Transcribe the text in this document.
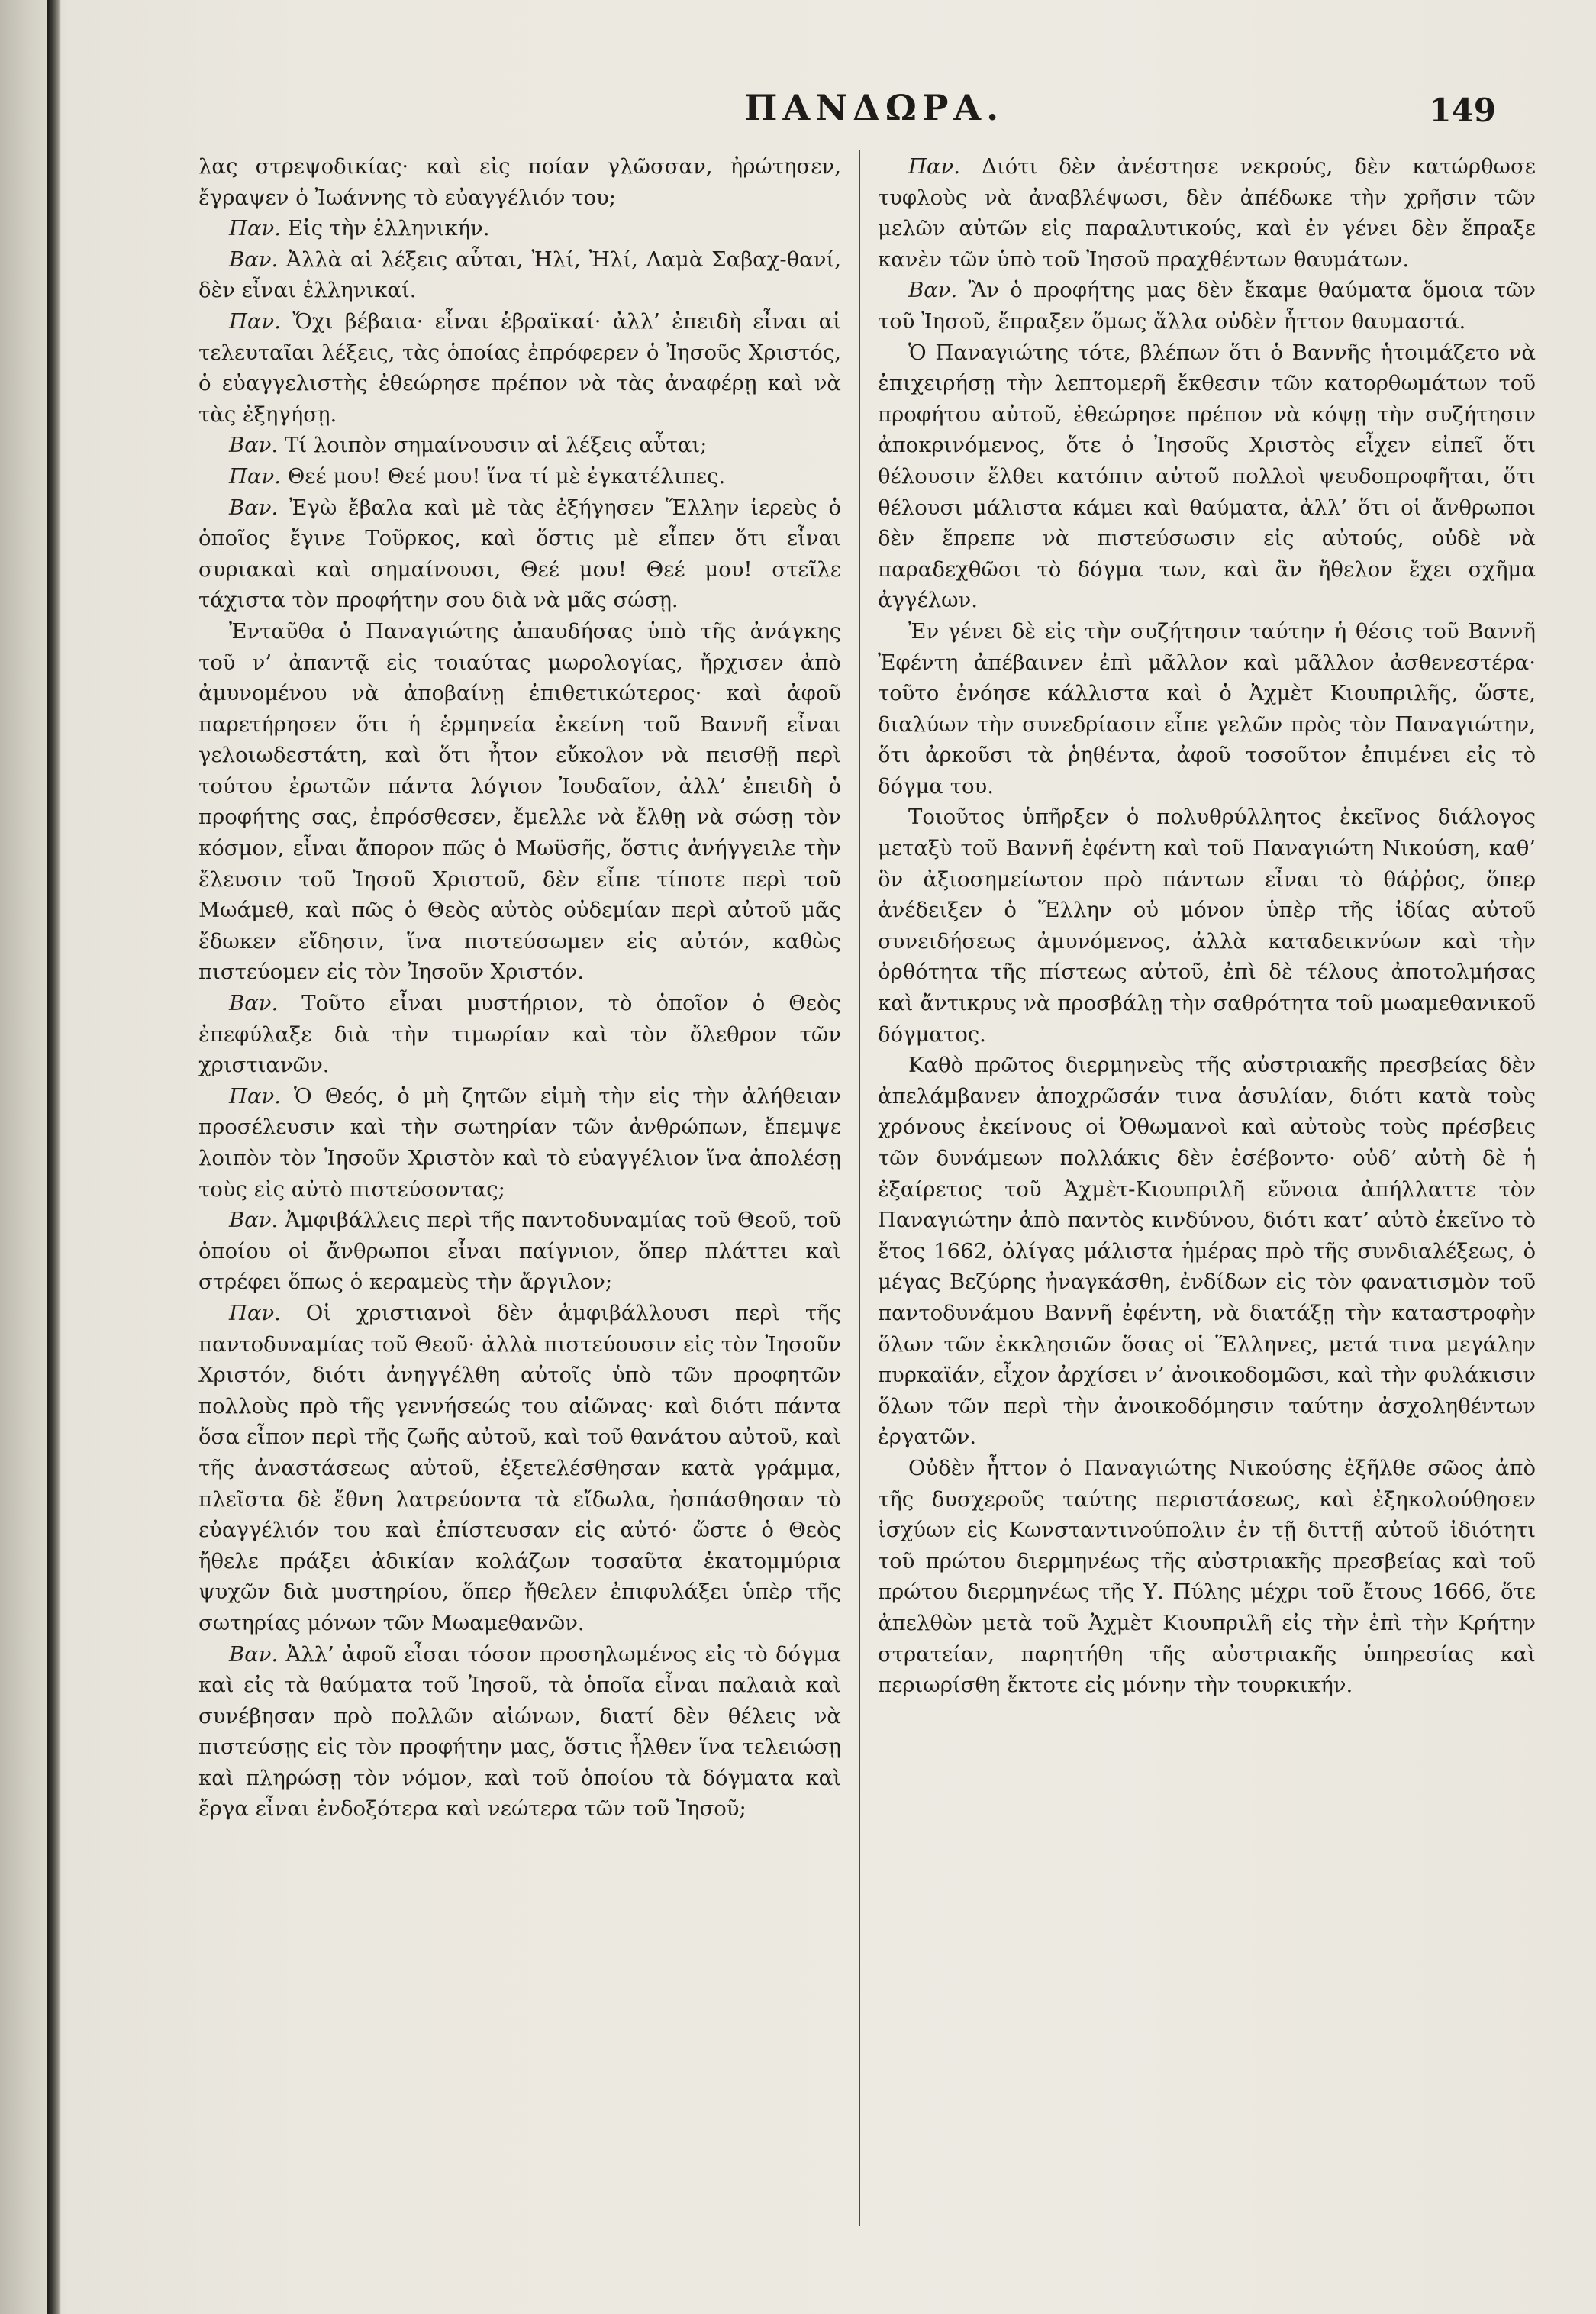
ΠΑΝΔΩΡΑ.	149

λας στρεψοδικίας· καὶ εἰς ποίαν γλῶσσαν, ἠρώτησεν, ἔγραψεν ὁ Ἰωάννης τὸ εὐαγγέλιόν του;

Παν. Εἰς τὴν ἑλληνικήν.

Βαν. Ἀλλὰ αἱ λέξεις αὗται, Ἠλί, Ἠλί, Λαμὰ Σαβαχ-θανί, δὲν εἶναι ἑλληνικαί.

Παν. Ὄχι βέβαια· εἶναι ἑβραϊκαί· ἀλλ’ ἐπειδὴ εἶναι αἱ τελευταῖαι λέξεις, τὰς ὁποίας ἐπρόφερεν ὁ Ἰησοῦς Χριστός, ὁ εὐαγγελιστὴς ἐθεώρησε πρέπον νὰ τὰς ἀναφέρῃ καὶ νὰ τὰς ἐξηγήσῃ.

Βαν. Τί λοιπὸν σημαίνουσιν αἱ λέξεις αὗται;

Παν. Θεέ μου! Θεέ μου! ἵνα τί μὲ ἐγκατέλιπες.

Βαν. Ἐγὼ ἔβαλα καὶ μὲ τὰς ἐξήγησεν Ἕλλην ἱερεὺς ὁ ὁποῖος ἔγινε Τοῦρκος, καὶ ὅστις μὲ εἶπεν ὅτι εἶναι συριακαὶ καὶ σημαίνουσι, Θεέ μου! Θεέ μου! στεῖλε τάχιστα τὸν προφήτην σου διὰ νὰ μᾶς σώσῃ.

Ἐνταῦθα ὁ Παναγιώτης ἀπαυδήσας ὑπὸ τῆς ἀνάγκης τοῦ ν’ ἀπαντᾷ εἰς τοιαύτας μωρολογίας, ἤρχισεν ἀπὸ ἀμυνομένου νὰ ἀποβαίνῃ ἐπιθετικώτερος· καὶ ἀφοῦ παρετήρησεν ὅτι ἡ ἑρμηνεία ἐκείνη τοῦ Βαννῆ εἶναι γελοιωδεστάτη, καὶ ὅτι ἦτον εὔκολον νὰ πεισθῇ περὶ τούτου ἐρωτῶν πάντα λόγιον Ἰουδαῖον, ἀλλ’ ἐπειδὴ ὁ προφήτης σας, ἐπρόσθεσεν, ἔμελλε νὰ ἔλθῃ νὰ σώσῃ τὸν κόσμον, εἶναι ἄπορον πῶς ὁ Μωϋσῆς, ὅστις ἀνήγγειλε τὴν ἔλευσιν τοῦ Ἰησοῦ Χριστοῦ, δὲν εἶπε τίποτε περὶ τοῦ Μωάμεθ, καὶ πῶς ὁ Θεὸς αὐτὸς οὐδεμίαν περὶ αὐτοῦ μᾶς ἔδωκεν εἴδησιν, ἵνα πιστεύσωμεν εἰς αὐτόν, καθὼς πιστεύομεν εἰς τὸν Ἰησοῦν Χριστόν.

Βαν. Τοῦτο εἶναι μυστήριον, τὸ ὁποῖον ὁ Θεὸς ἐπεφύλαξε διὰ τὴν τιμωρίαν καὶ τὸν ὄλεθρον τῶν χριστιανῶν.

Παν. Ὁ Θεός, ὁ μὴ ζητῶν εἰμὴ τὴν εἰς τὴν ἀλήθειαν προσέλευσιν καὶ τὴν σωτηρίαν τῶν ἀνθρώπων, ἔπεμψε λοιπὸν τὸν Ἰησοῦν Χριστὸν καὶ τὸ εὐαγγέλιον ἵνα ἀπολέσῃ τοὺς εἰς αὐτὸ πιστεύσοντας;

Βαν. Ἀμφιβάλλεις περὶ τῆς παντοδυναμίας τοῦ Θεοῦ, τοῦ ὁποίου οἱ ἄνθρωποι εἶναι παίγνιον, ὅπερ πλάττει καὶ στρέφει ὅπως ὁ κεραμεὺς τὴν ἄργιλον;

Παν. Οἱ χριστιανοὶ δὲν ἀμφιβάλλουσι περὶ τῆς παντοδυναμίας τοῦ Θεοῦ· ἀλλὰ πιστεύουσιν εἰς τὸν Ἰησοῦν Χριστόν, διότι ἀνηγγέλθη αὐτοῖς ὑπὸ τῶν προφητῶν πολλοὺς πρὸ τῆς γεννήσεώς του αἰῶνας· καὶ διότι πάντα ὅσα εἶπον περὶ τῆς ζωῆς αὐτοῦ, καὶ τοῦ θανάτου αὐτοῦ, καὶ τῆς ἀναστάσεως αὐτοῦ, ἐξετελέσθησαν κατὰ γράμμα, πλεῖστα δὲ ἔθνη λατρεύοντα τὰ εἴδωλα, ἠσπάσθησαν τὸ εὐαγγέλιόν του καὶ ἐπίστευσαν εἰς αὐτό· ὥστε ὁ Θεὸς ἤθελε πράξει ἀδικίαν κολάζων τοσαῦτα ἑκατομμύρια ψυχῶν διὰ μυστηρίου, ὅπερ ἤθελεν ἐπιφυλάξει ὑπὲρ τῆς σωτηρίας μόνων τῶν Μωαμεθανῶν.

Βαν. Ἀλλ’ ἀφοῦ εἶσαι τόσον προσηλωμένος εἰς τὸ δόγμα καὶ εἰς τὰ θαύματα τοῦ Ἰησοῦ, τὰ ὁποῖα εἶναι παλαιὰ καὶ συνέβησαν πρὸ πολλῶν αἰώνων, διατί δὲν θέλεις νὰ πιστεύσῃς εἰς τὸν προφήτην μας, ὅστις ἦλθεν ἵνα τελειώσῃ καὶ πληρώσῃ τὸν νόμον, καὶ τοῦ ὁποίου τὰ δόγματα καὶ ἔργα εἶναι ἐνδοξότερα καὶ νεώτερα τῶν τοῦ Ἰησοῦ;

Παν. Διότι δὲν ἀνέστησε νεκρούς, δὲν κατώρθωσε τυφλοὺς νὰ ἀναβλέψωσι, δὲν ἀπέδωκε τὴν χρῆσιν τῶν μελῶν αὐτῶν εἰς παραλυτικούς, καὶ ἐν γένει δὲν ἔπραξε κανὲν τῶν ὑπὸ τοῦ Ἰησοῦ πραχθέντων θαυμάτων.

Βαν. Ἂν ὁ προφήτης μας δὲν ἔκαμε θαύματα ὅμοια τῶν τοῦ Ἰησοῦ, ἔπραξεν ὅμως ἄλλα οὐδὲν ἧττον θαυμαστά.

Ὁ Παναγιώτης τότε, βλέπων ὅτι ὁ Βαννῆς ἡτοιμάζετο νὰ ἐπιχειρήσῃ τὴν λεπτομερῆ ἔκθεσιν τῶν κατορθωμάτων τοῦ προφήτου αὐτοῦ, ἐθεώρησε πρέπον νὰ κόψῃ τὴν συζήτησιν ἀποκρινόμενος, ὅτε ὁ Ἰησοῦς Χριστὸς εἶχεν εἰπεῖ ὅτι θέλουσιν ἔλθει κατόπιν αὐτοῦ πολλοὶ ψευδοπροφῆται, ὅτι θέλουσι μάλιστα κάμει καὶ θαύματα, ἀλλ’ ὅτι οἱ ἄνθρωποι δὲν ἔπρεπε νὰ πιστεύσωσιν εἰς αὐτούς, οὐδὲ νὰ παραδεχθῶσι τὸ δόγμα των, καὶ ἂν ἤθελον ἔχει σχῆμα ἀγγέλων.

Ἐν γένει δὲ εἰς τὴν συζήτησιν ταύτην ἡ θέσις τοῦ Βαννῆ Ἐφέντη ἀπέβαινεν ἐπὶ μᾶλλον καὶ μᾶλλον ἀσθενεστέρα· τοῦτο ἐνόησε κάλλιστα καὶ ὁ Ἀχμὲτ Κιουπριλῆς, ὥστε, διαλύων τὴν συνεδρίασιν εἶπε γελῶν πρὸς τὸν Παναγιώτην, ὅτι ἀρκοῦσι τὰ ῥηθέντα, ἀφοῦ τοσοῦτον ἐπιμένει εἰς τὸ δόγμα του.

Τοιοῦτος ὑπῆρξεν ὁ πολυθρύλλητος ἐκεῖνος διάλογος μεταξὺ τοῦ Βαννῆ ἐφέντη καὶ τοῦ Παναγιώτη Νικούση, καθ’ ὃν ἀξιοσημείωτον πρὸ πάντων εἶναι τὸ θάῤῥος, ὅπερ ἀνέδειξεν ὁ Ἕλλην οὐ μόνον ὑπὲρ τῆς ἰδίας αὐτοῦ συνειδήσεως ἀμυνόμενος, ἀλλὰ καταδεικνύων καὶ τὴν ὀρθότητα τῆς πίστεως αὐτοῦ, ἐπὶ δὲ τέλους ἀποτολμήσας καὶ ἄντικρυς νὰ προσβάλῃ τὴν σαθρότητα τοῦ μωαμεθανικοῦ δόγματος.

Καθὸ πρῶτος διερμηνεὺς τῆς αὐστριακῆς πρεσβείας δὲν ἀπελάμβανεν ἀποχρῶσάν τινα ἀσυλίαν, διότι κατὰ τοὺς χρόνους ἐκείνους οἱ Ὀθωμανοὶ καὶ αὐτοὺς τοὺς πρέσβεις τῶν δυνάμεων πολλάκις δὲν ἐσέβοντο· οὐδ’ αὐτὴ δὲ ἡ ἐξαίρετος τοῦ Ἀχμὲτ-Κιουπριλῆ εὔνοια ἀπήλλαττε τὸν Παναγιώτην ἀπὸ παντὸς κινδύνου, διότι κατ’ αὐτὸ ἐκεῖνο τὸ ἔτος 1662, ὀλίγας μάλιστα ἡμέρας πρὸ τῆς συνδιαλέξεως, ὁ μέγας Βεζύρης ἠναγκάσθη, ἐνδίδων εἰς τὸν φανατισμὸν τοῦ παντοδυνάμου Βαννῆ ἐφέντη, νὰ διατάξῃ τὴν καταστροφὴν ὅλων τῶν ἐκκλησιῶν ὅσας οἱ Ἕλληνες, μετά τινα μεγάλην πυρκαϊάν, εἶχον ἀρχίσει ν’ ἀνοικοδομῶσι, καὶ τὴν φυλάκισιν ὅλων τῶν περὶ τὴν ἀνοικοδόμησιν ταύτην ἀσχοληθέντων ἐργατῶν.

Οὐδὲν ἧττον ὁ Παναγιώτης Νικούσης ἐξῆλθε σῶος ἀπὸ τῆς δυσχεροῦς ταύτης περιστάσεως, καὶ ἐξηκολούθησεν ἰσχύων εἰς Κωνσταντινούπολιν ἐν τῇ διττῇ αὐτοῦ ἰδιότητι τοῦ πρώτου διερμηνέως τῆς αὐστριακῆς πρεσβείας καὶ τοῦ πρώτου διερμηνέως τῆς Υ. Πύλης μέχρι τοῦ ἔτους 1666, ὅτε ἀπελθὼν μετὰ τοῦ Ἀχμὲτ Κιουπριλῆ εἰς τὴν ἐπὶ τὴν Κρήτην στρατείαν, παρητήθη τῆς αὐστριακῆς ὑπηρεσίας καὶ περιωρίσθη ἔκτοτε εἰς μόνην τὴν τουρκικήν.
